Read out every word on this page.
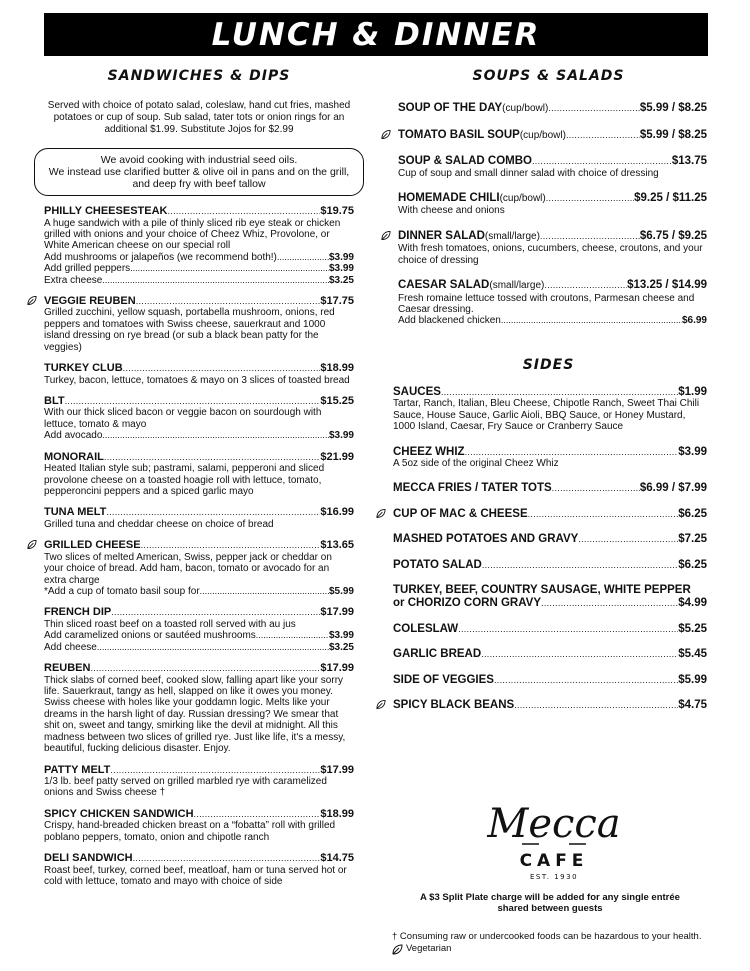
LUNCH & DINNER
SANDWICHES & DIPS

Served with choice of potato salad, coleslaw, hand cut fries, mashed potatoes or cup of soup. Sub salad, tater tots or onion rings for an additional $1.99. Substitute Jojos for $2.99

We avoid cooking with industrial seed oils.
We instead use clarified butter & olive oil in pans and on the grill,
and deep fry with beef tallow
PHILLY CHEESESTEAK .....	$19.75
A huge sandwich with a pile of thinly sliced rib eye steak or chicken grilled with onions and your choice of Cheez Whiz, Provolone, or White American cheese on our special roll
Add mushrooms or jalapeños (we recommend both!) .....	$3.99
Add grilled peppers .....	$3.99
Extra cheese .....	$3.25
VEGGIE REUBEN .....	$17.75
Grilled zucchini, yellow squash, portabella mushroom, onions, red peppers and tomatoes with Swiss cheese, sauerkraut and 1000 island dressing on rye bread (or sub a black bean patty for the veggies)
TURKEY CLUB .....	$18.99
Turkey, bacon, lettuce, tomatoes & mayo on 3 slices of toasted bread
BLT .....	$15.25
With our thick sliced bacon or veggie bacon on sourdough with lettuce, tomato & mayo
Add avocado .....	$3.99
MONORAIL .....	$21.99
Heated Italian style sub; pastrami, salami, pepperoni and sliced provolone cheese on a toasted hoagie roll with lettuce, tomato, pepperoncini peppers and a spiced garlic mayo
TUNA MELT .....	$16.99
Grilled tuna and cheddar cheese on choice of bread
GRILLED CHEESE .....	$13.65
Two slices of melted American, Swiss, pepper jack or cheddar on your choice of bread. Add ham, bacon, tomato or avocado for an extra charge
*Add a cup of tomato basil soup for .....	$5.99
FRENCH DIP .....	$17.99
Thin sliced roast beef on a toasted roll served with au jus
Add caramelized onions or sautéed mushrooms .....	$3.99
Add cheese .....	$3.25
REUBEN .....	$17.99
Thick slabs of corned beef, cooked slow, falling apart like your sorry life. Sauerkraut, tangy as hell, slapped on like it owes you money. Swiss cheese with holes like your goddamn logic. Melts like your dreams in the harsh light of day. Russian dressing? We smear that shit on, sweet and tangy, smirking like the devil at midnight. All this madness between two slices of grilled rye. Just like life, it's a messy, beautiful, fucking delicious disaster. Enjoy.
PATTY MELT .....	$17.99
1/3 lb. beef patty served on grilled marbled rye with caramelized onions and Swiss cheese †
SPICY CHICKEN SANDWICH .....	$18.99
Crispy, hand-breaded chicken breast on a “fobatta” roll with grilled poblano peppers, tomato, onion and chipotle ranch
DELI SANDWICH .....	$14.75
Roast beef, turkey, corned beef, meatloaf, ham or tuna served hot or cold with lettuce, tomato and mayo with choice of side
SOUPS & SALADS
SOUP OF THE DAY (cup/bowl) .....	$5.99 / $8.25
TOMATO BASIL SOUP (cup/bowl) .....	$5.99 / $8.25
SOUP & SALAD COMBO .....	$13.75
Cup of soup and small dinner salad with choice of dressing
HOMEMADE CHILI (cup/bowl) .....	$9.25 / $11.25
With cheese and onions
DINNER SALAD (small/large) .....	$6.75 / $9.25
With fresh tomatoes, onions, cucumbers, cheese, croutons, and your choice of dressing
CAESAR SALAD (small/large) .....	$13.25 / $14.99
Fresh romaine lettuce tossed with croutons, Parmesan cheese and Caesar dressing.
Add blackened chicken .....	$6.99
SIDES
SAUCES .....	$1.99
Tartar, Ranch, Italian, Bleu Cheese, Chipotle Ranch, Sweet Thai Chili Sauce, House Sauce, Garlic Aioli, BBQ Sauce, or Honey Mustard, 1000 Island, Caesar, Fry Sauce or Cranberry Sauce
CHEEZ WHIZ .....	$3.99
A 5oz side of the original Cheez Whiz
MECCA FRIES / TATER TOTS .....	$6.99 / $7.99
CUP OF MAC & CHEESE .....	$6.25
MASHED POTATOES AND GRAVY .....	$7.25
POTATO SALAD .....	$6.25
TURKEY, BEEF, COUNTRY SAUSAGE, WHITE PEPPER
or CHORIZO CORN GRAVY .....	$4.99
COLESLAW .....	$5.25
GARLIC BREAD .....	$5.45
SIDE OF VEGGIES .....	$5.99
SPICY BLACK BEANS .....	$4.75
Mecca
CAFE
EST. 1930
A $3 Split Plate charge will be added for any single entrée shared between guests
† Consuming raw or undercooked foods can be hazardous to your health.
Vegetarian
